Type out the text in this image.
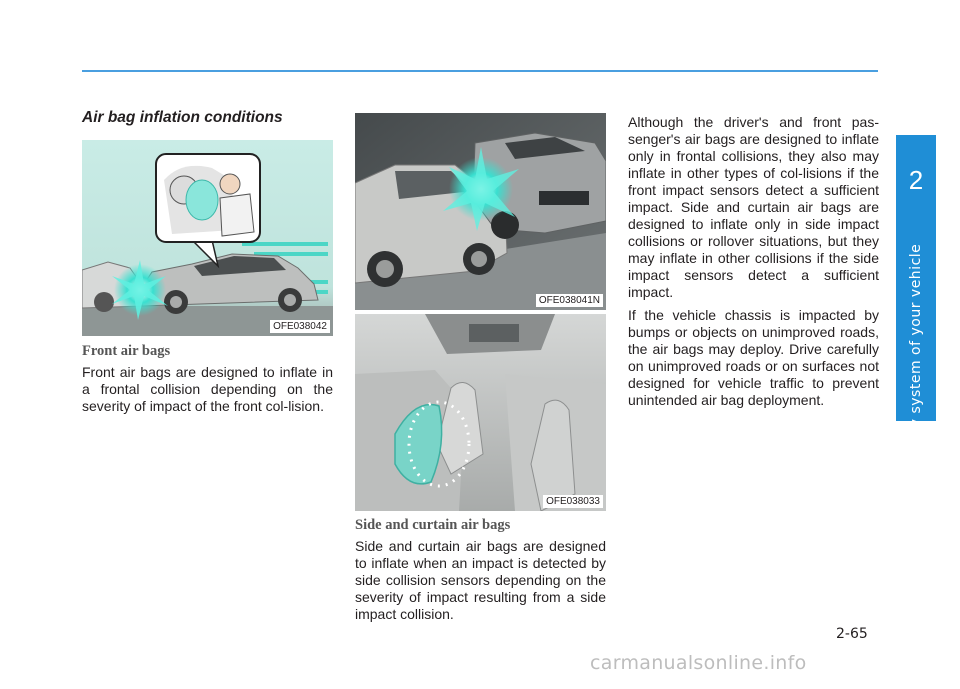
2
Safety system of your vehicle
Air bag inflation conditions
OFE038042
Front air bags

Front air bags are designed to inflate in a frontal collision depending on the severity of impact of the front col-lision.

OFE038041N
OFE038033
Side and curtain air bags

Side and curtain air bags are designed to inflate when an impact is detected by side collision sensors depending on the severity of impact resulting from a side impact collision.

Although the driver's and front pas-senger's air bags are designed to inflate only in frontal collisions, they also may inflate in other types of col-lisions if the front impact sensors detect a sufficient impact. Side and curtain air bags are designed to inflate only in side impact collisions or rollover situations, but they may inflate in other collisions if the side impact sensors detect a sufficient impact.

If the vehicle chassis is impacted by bumps or objects on unimproved roads, the air bags may deploy. Drive carefully on unimproved roads or on surfaces not designed for vehicle traffic to prevent unintended air bag deployment.

2-65
carmanualsonline.info
